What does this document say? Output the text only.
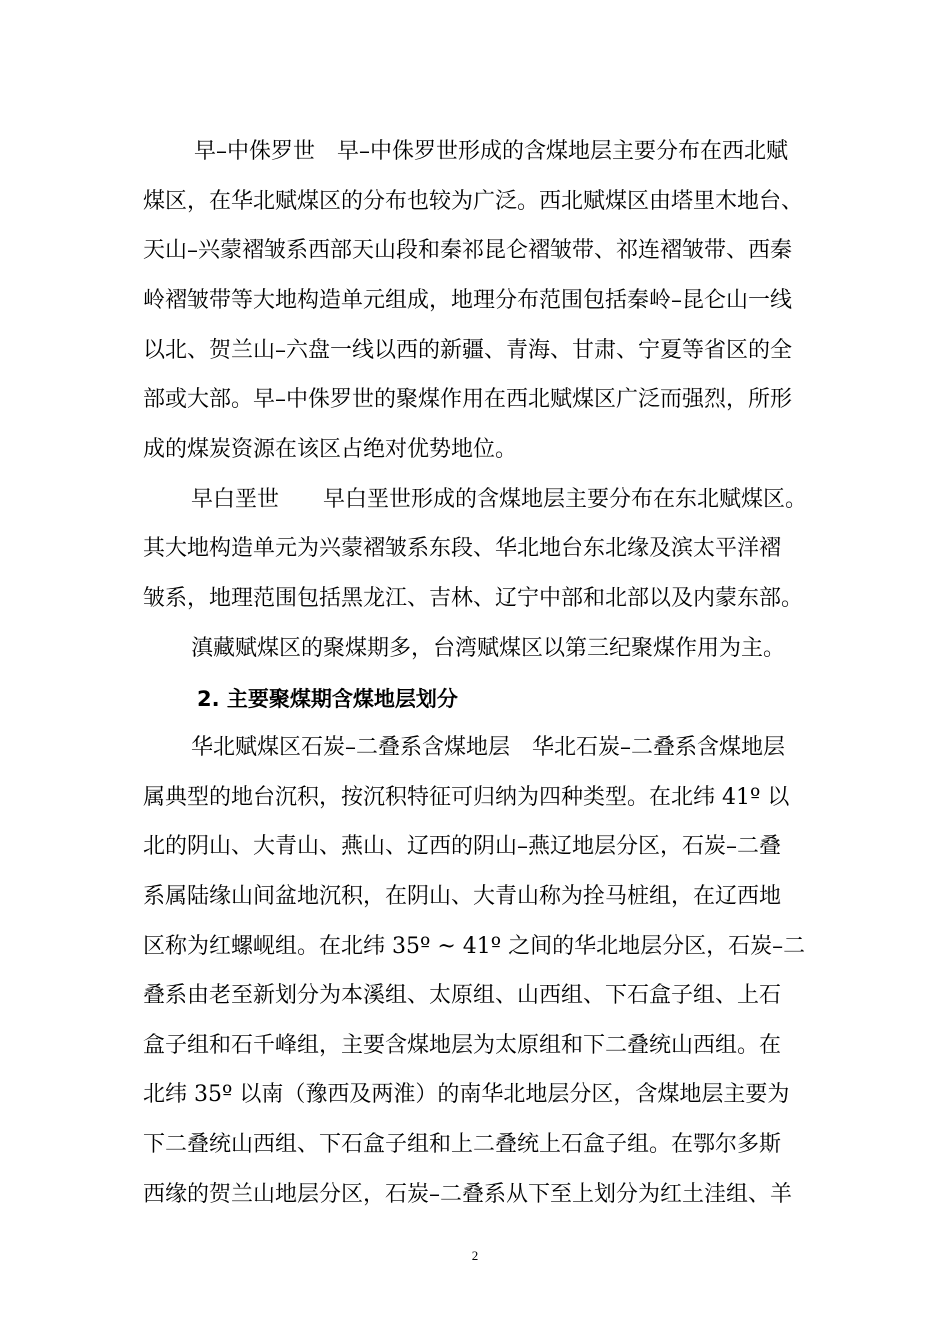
早–中侏罗世　早–中侏罗世形成的含煤地层主要分布在西北赋
煤区，在华北赋煤区的分布也较为广泛。西北赋煤区由塔里木地台、
天山–兴蒙褶皱系西部天山段和秦祁昆仑褶皱带、祁连褶皱带、西秦
岭褶皱带等大地构造单元组成，地理分布范围包括秦岭–昆仑山一线
以北、贺兰山–六盘一线以西的新疆、青海、甘肃、宁夏等省区的全
部或大部。早–中侏罗世的聚煤作用在西北赋煤区广泛而强烈，所形
成的煤炭资源在该区占绝对优势地位。
早白垩世　　早白垩世形成的含煤地层主要分布在东北赋煤区。
其大地构造单元为兴蒙褶皱系东段、华北地台东北缘及滨太平洋褶
皱系，地理范围包括黑龙江、吉林、辽宁中部和北部以及内蒙东部。
滇藏赋煤区的聚煤期多，台湾赋煤区以第三纪聚煤作用为主。
2. 主要聚煤期含煤地层划分
华北赋煤区石炭–二叠系含煤地层　华北石炭–二叠系含煤地层
属典型的地台沉积，按沉积特征可归纳为四种类型。在北纬 41º 以
北的阴山、大青山、燕山、辽西的阴山–燕辽地层分区，石炭–二叠
系属陆缘山间盆地沉积，在阴山、大青山称为拴马桩组，在辽西地
区称为红螺岘组。在北纬 35º ~ 41º 之间的华北地层分区，石炭–二
叠系由老至新划分为本溪组、太原组、山西组、下石盒子组、上石
盒子组和石千峰组，主要含煤地层为太原组和下二叠统山西组。在
北纬 35º 以南（豫西及两淮）的南华北地层分区，含煤地层主要为
下二叠统山西组、下石盒子组和上二叠统上石盒子组。在鄂尔多斯
西缘的贺兰山地层分区，石炭–二叠系从下至上划分为红土洼组、羊
2
